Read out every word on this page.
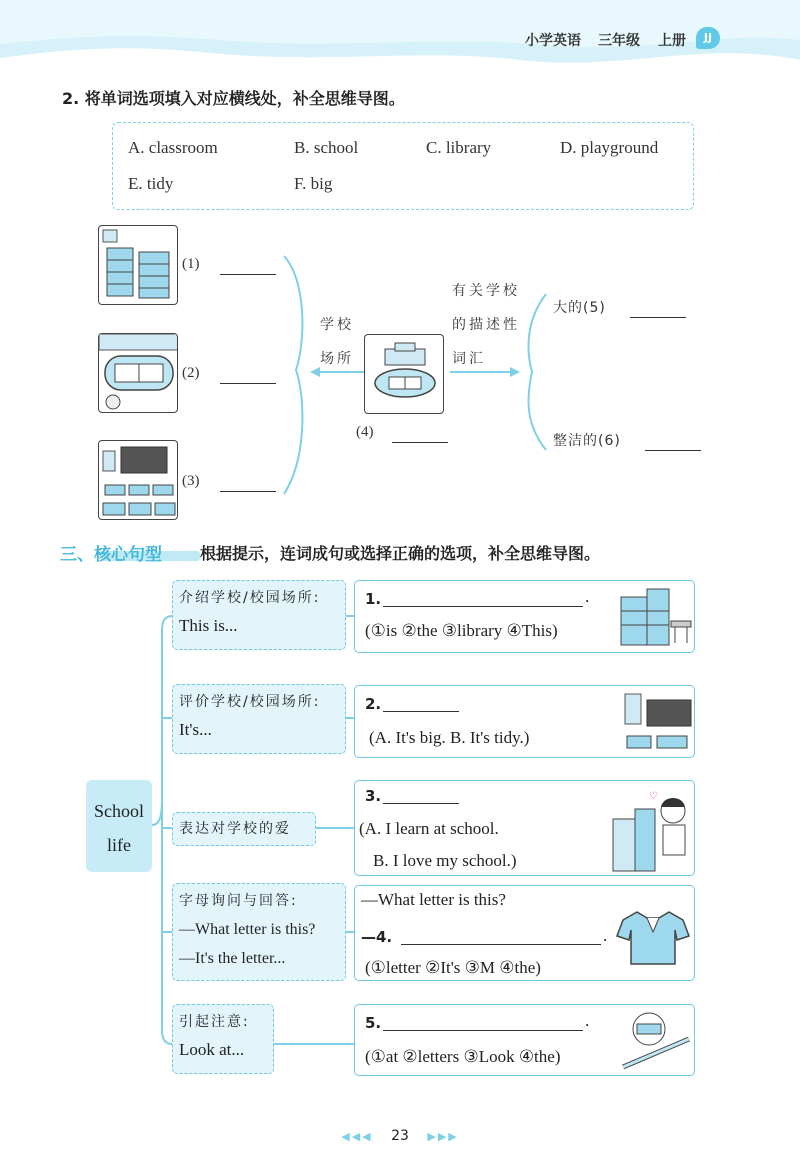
小学英语 三年级 上册	JJ
2. 将单词选项填入对应横线处，补全思维导图。
A. classroom	B. school	C. library	D. playground
E. tidy	F. big
(1)
(2)
(3)
学校
场所
(4)
有关学校
的描述性
词汇
大的(5)
整洁的(6)
三、核心句型 根据提示，连词成句或选择正确的选项，补全思维导图。
School
life
介绍学校/校园场所:
This is...
评价学校/校园场所:
It's...
表达对学校的爱
字母询问与回答:
—What letter is this?
—It's the letter...
引起注意:
Look at...
1.	.
(①is ②the ③library ④This)
2.
(A. It's big. B. It's tidy.)
3.
(A. I learn at school.
B. I love my school.)
♡
—What letter is this?
—4.	.
(①letter ②It's ③M ④the)
5.	.
(①at ②letters ③Look ④the)
◀◀◀ 23 ▶▶▶
